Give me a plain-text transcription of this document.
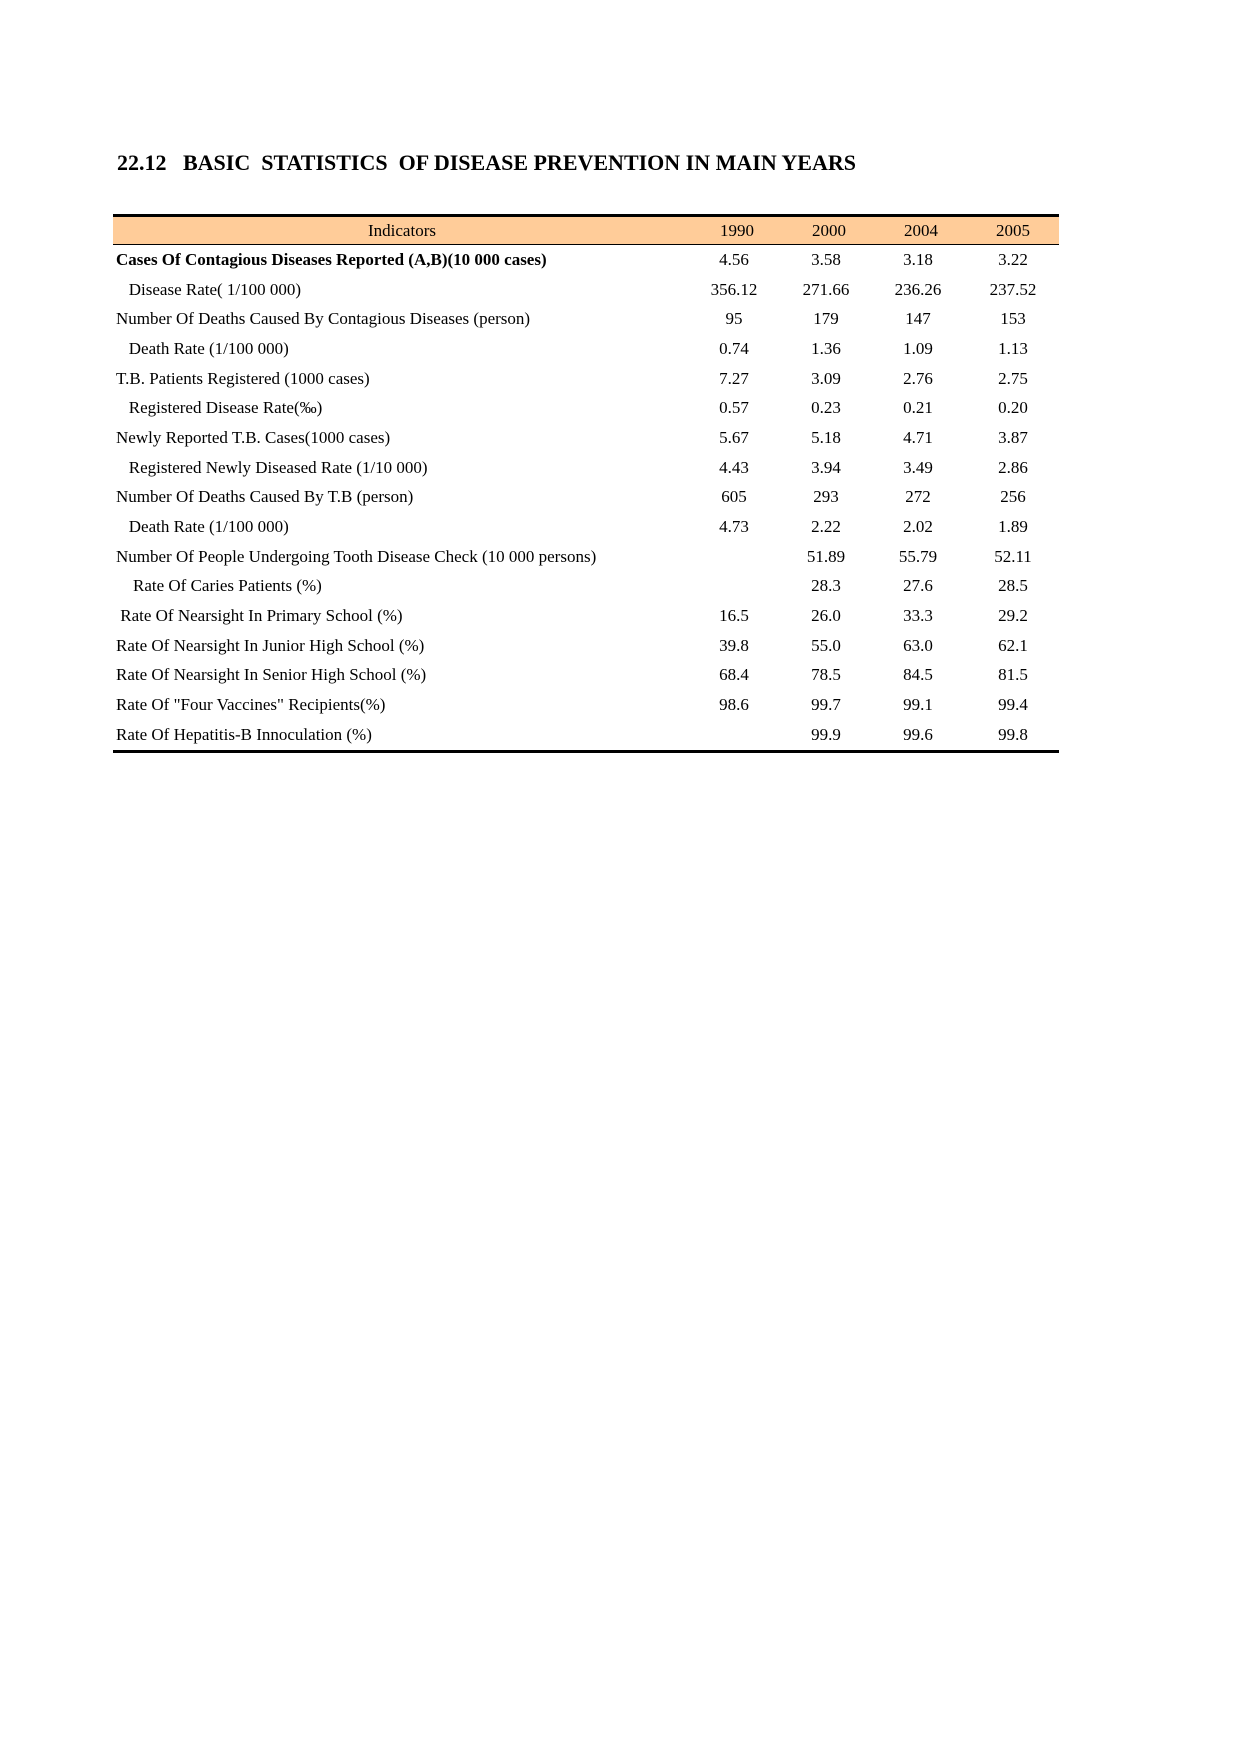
22.12   BASIC  STATISTICS  OF DISEASE PREVENTION IN MAIN YEARS
Indicators	1990	2000	2004	2005
Cases Of Contagious Diseases Reported (A,B)(10 000 cases)	4.56	3.58	3.18	3.22
Disease Rate( 1/100 000)	356.12	271.66	236.26	237.52
Number Of Deaths Caused By Contagious Diseases (person)	95	179	147	153
Death Rate (1/100 000)	0.74	1.36	1.09	1.13
T.B. Patients Registered (1000 cases)	7.27	3.09	2.76	2.75
Registered Disease Rate(‰)	0.57	0.23	0.21	0.20
Newly Reported T.B. Cases(1000 cases)	5.67	5.18	4.71	3.87
Registered Newly Diseased Rate (1/10 000)	4.43	3.94	3.49	2.86
Number Of Deaths Caused By T.B (person)	605	293	272	256
Death Rate (1/100 000)	4.73	2.22	2.02	1.89
Number Of People Undergoing Tooth Disease Check (10 000 persons)		51.89	55.79	52.11
Rate Of Caries Patients (%)		28.3	27.6	28.5
Rate Of Nearsight In Primary School (%)	16.5	26.0	33.3	29.2
Rate Of Nearsight In Junior High School (%)	39.8	55.0	63.0	62.1
Rate Of Nearsight In Senior High School (%)	68.4	78.5	84.5	81.5
Rate Of "Four Vaccines" Recipients(%)	98.6	99.7	99.1	99.4
Rate Of Hepatitis-B Innoculation (%)		99.9	99.6	99.8
